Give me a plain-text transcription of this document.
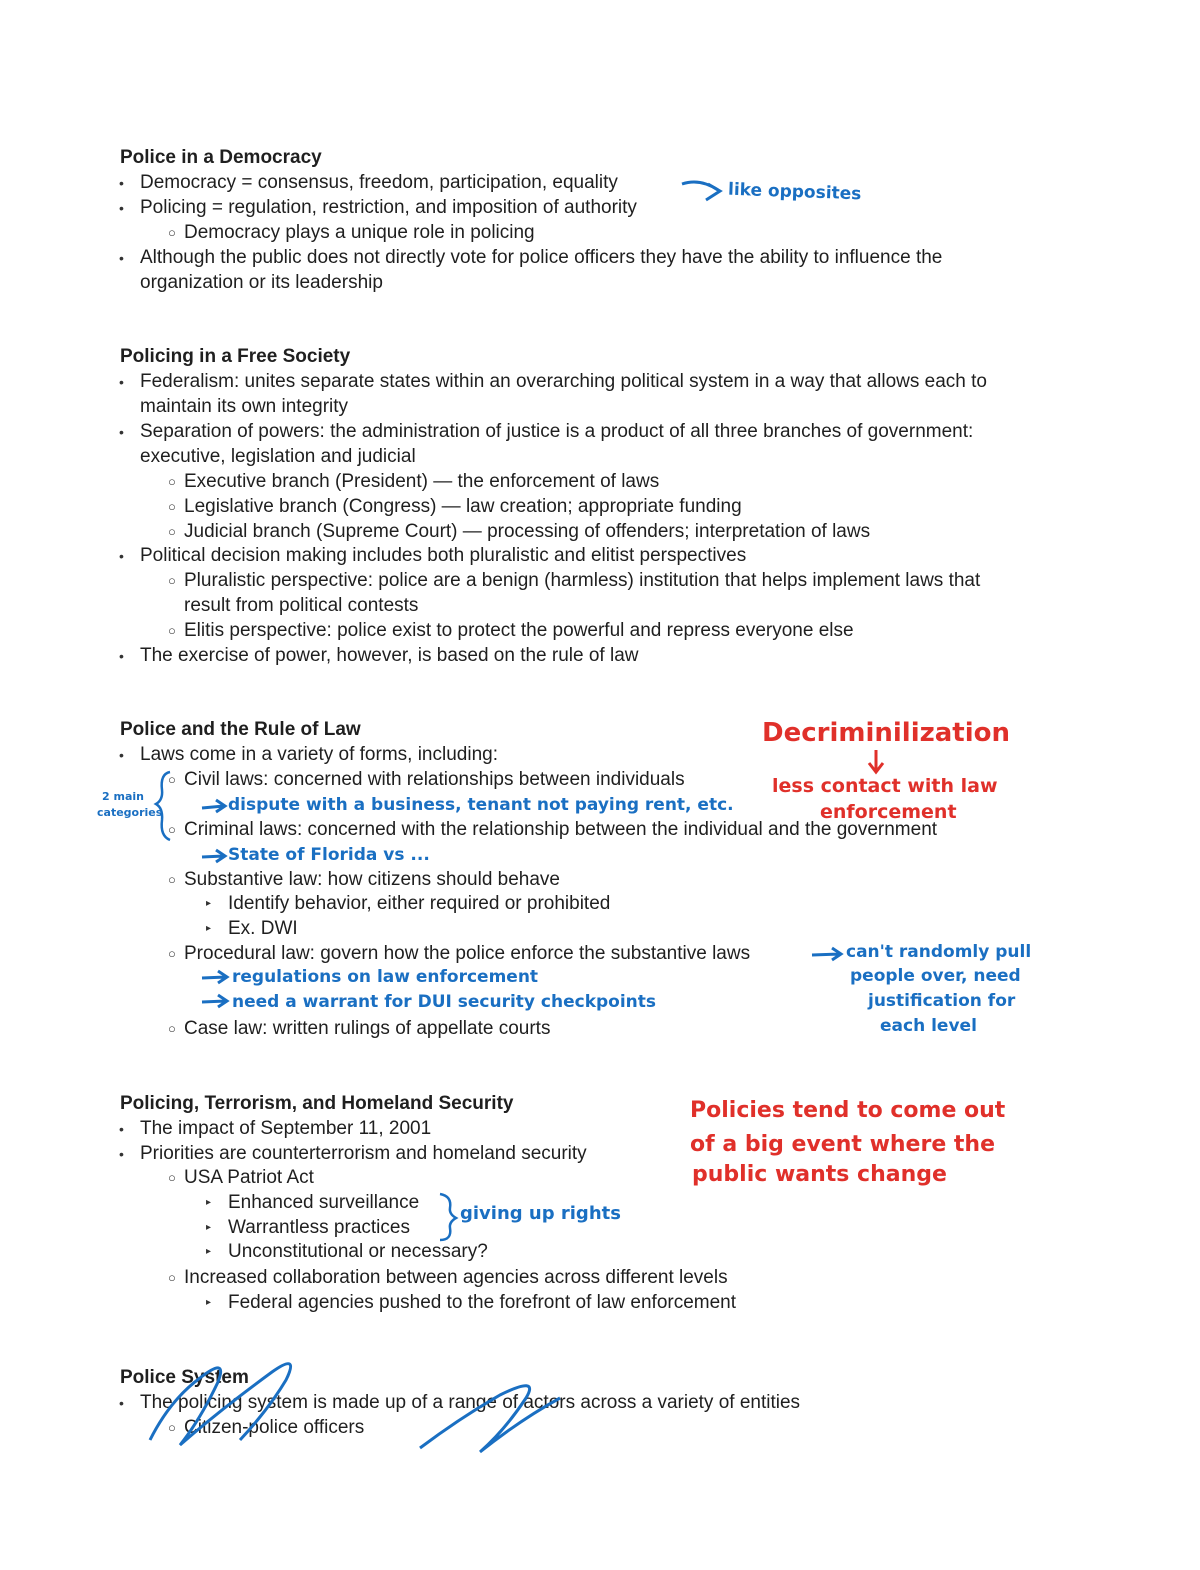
Police in a Democracy
• Democracy = consensus, freedom, participation, equality
• Policing = regulation, restriction, and imposition of authority
○ Democracy plays a unique role in policing
• Although the public does not directly vote for police officers they have the ability to influence the
organization or its leadership
Policing in a Free Society
• Federalism: unites separate states within an overarching political system in a way that allows each to
maintain its own integrity
• Separation of powers: the administration of justice is a product of all three branches of government:
executive, legislation and judicial
○ Executive branch (President) — the enforcement of laws
○ Legislative branch (Congress) — law creation; appropriate funding
○ Judicial branch (Supreme Court) — processing of offenders; interpretation of laws
• Political decision making includes both pluralistic and elitist perspectives
○ Pluralistic perspective: police are a benign (harmless) institution that helps implement laws that
result from political contests
○ Elitis perspective: police exist to protect the powerful and repress everyone else
• The exercise of power, however, is based on the rule of law
Police and the Rule of Law
• Laws come in a variety of forms, including:
○ Civil laws: concerned with relationships between individuals
○ Criminal laws: concerned with the relationship between the individual and the government
○ Substantive law: how citizens should behave
▸ Identify behavior, either required or prohibited
▸ Ex. DWI
○ Procedural law: govern how the police enforce the substantive laws
○ Case law: written rulings of appellate courts
Policing, Terrorism, and Homeland Security
• The impact of September 11, 2001
• Priorities are counterterrorism and homeland security
○ USA Patriot Act
▸ Enhanced surveillance
▸ Warrantless practices
▸ Unconstitutional or necessary?
○ Increased collaboration between agencies across different levels
▸ Federal agencies pushed to the forefront of law enforcement
Police System
• The policing system is made up of a range of actors across a variety of entities
○ Citizen-police officers
like opposites
Decriminilization
less contact with law
enforcement
2 main
categories	dispute with a business, tenant not paying rent, etc.
State of Florida vs ...
regulations on law enforcement
need a warrant for DUI security checkpoints
can't randomly pull
people over, need
justification for
each level
Policies tend to come out
of a big event where the
public wants change
giving up rights
